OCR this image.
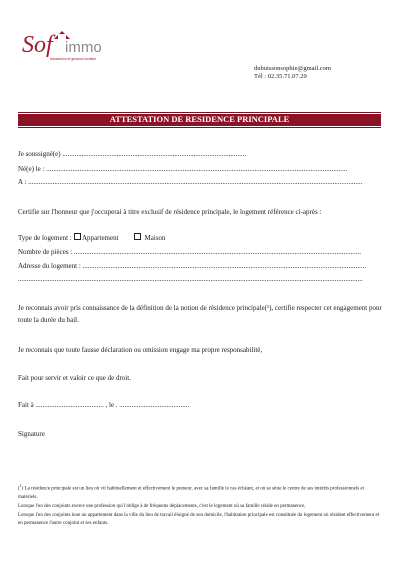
Sof immo
transaction et gérance locative
dubuissonsophie@gmail.com
Tél : 02.35.71.07.29
ATTESTATION DE RESIDENCE PRINCIPALE
Je soussigné(e) .........................................................................................................
Né(e) le : ............................................................................................................................................................................
A : ...............................................................................................................................................................................................
Certifie sur l'honneur que j'occuperai à titre exclusif de résidence principale, le logement référence ci-après :
Type de logement : Appartement	Maison
Nombre de pièces : ....................................................................................................................................................................
Adresse du logement : ..................................................................................................................................................................
.....................................................................................................................................................................................................
Je reconnais avoir pris connaissance de la définition de la notion de résidence principale(¹), certifie respecter cet engagement pour toute la durée du bail.
Je reconnais que toute fausse déclaration ou omission engage ma propre responsabilité,
Fait pour servir et valoir ce que de droit.
Fait à ....................................... , le . ........................................
Signature
($^1$) La résidence principale est un lieu où vit habituellement et effectivement le preneur, avec sa famille le cas échéant, et où se situe le centre de ses intérêts professionnels et matériels.
Lorsque l'un des conjoints exerce une profession qui l'oblige à de fréquents déplacements, c'est le logement où sa famille réside en permanence,
Lorsque l'un des conjoints loue un appartement dans la ville du lieu de travail éloigné de son domicile, l'habitation principale est constituée du logement où résident effectivement et en permanence l'autre conjoint et ses enfants.
